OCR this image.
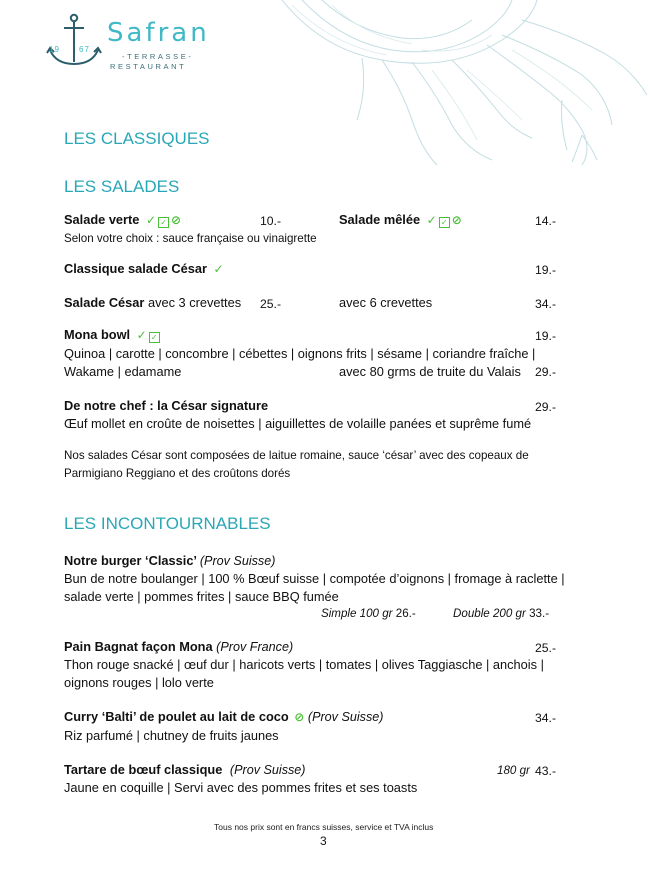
19 67
Safran
-TERRASSE-
RESTAURANT
LES CLASSIQUES
LES SALADES
Salade verte ✓ ✓ ⊘	10.-	Salade mêlée ✓ ✓ ⊘	14.-
Selon votre choix : sauce française ou vinaigrette
Classique salade César ✓	19.-
Salade César avec 3 crevettes 25.-	avec 6 crevettes	34.-
Mona bowl ✓ ✓	19.-
Quinoa | carotte | concombre | cébettes | oignons frits | sésame | coriandre fraîche |
Wakame | edamame	avec 80 grms de truite du Valais 29.-
De notre chef : la César signature	29.-
Œuf mollet en croûte de noisettes | aiguillettes de volaille panées et suprême fumé
Nos salades César sont composées de laitue romaine, sauce ‘césar’ avec des copeaux de
Parmigiano Reggiano et des croûtons dorés
LES INCONTOURNABLES
Notre burger ‘Classic’ (Prov Suisse)
Bun de notre boulanger | 100 % Bœuf suisse | compotée d’oignons | fromage à raclette |
salade verte | pommes frites | sauce BBQ fumée
Simple 100 gr 26.-	Double 200 gr 33.-
Pain Bagnat façon Mona (Prov France)	25.-
Thon rouge snacké | œuf dur | haricots verts | tomates | olives Taggiasche | anchois |
oignons rouges | lolo verte
Curry ‘Balti’ de poulet au lait de coco ⊘ (Prov Suisse)	34.-
Riz parfumé | chutney de fruits jaunes
Tartare de bœuf classique (Prov Suisse)	180 gr 43.-
Jaune en coquille | Servi avec des pommes frites et ses toasts
Tous nos prix sont en francs suisses, service et TVA inclus
3
